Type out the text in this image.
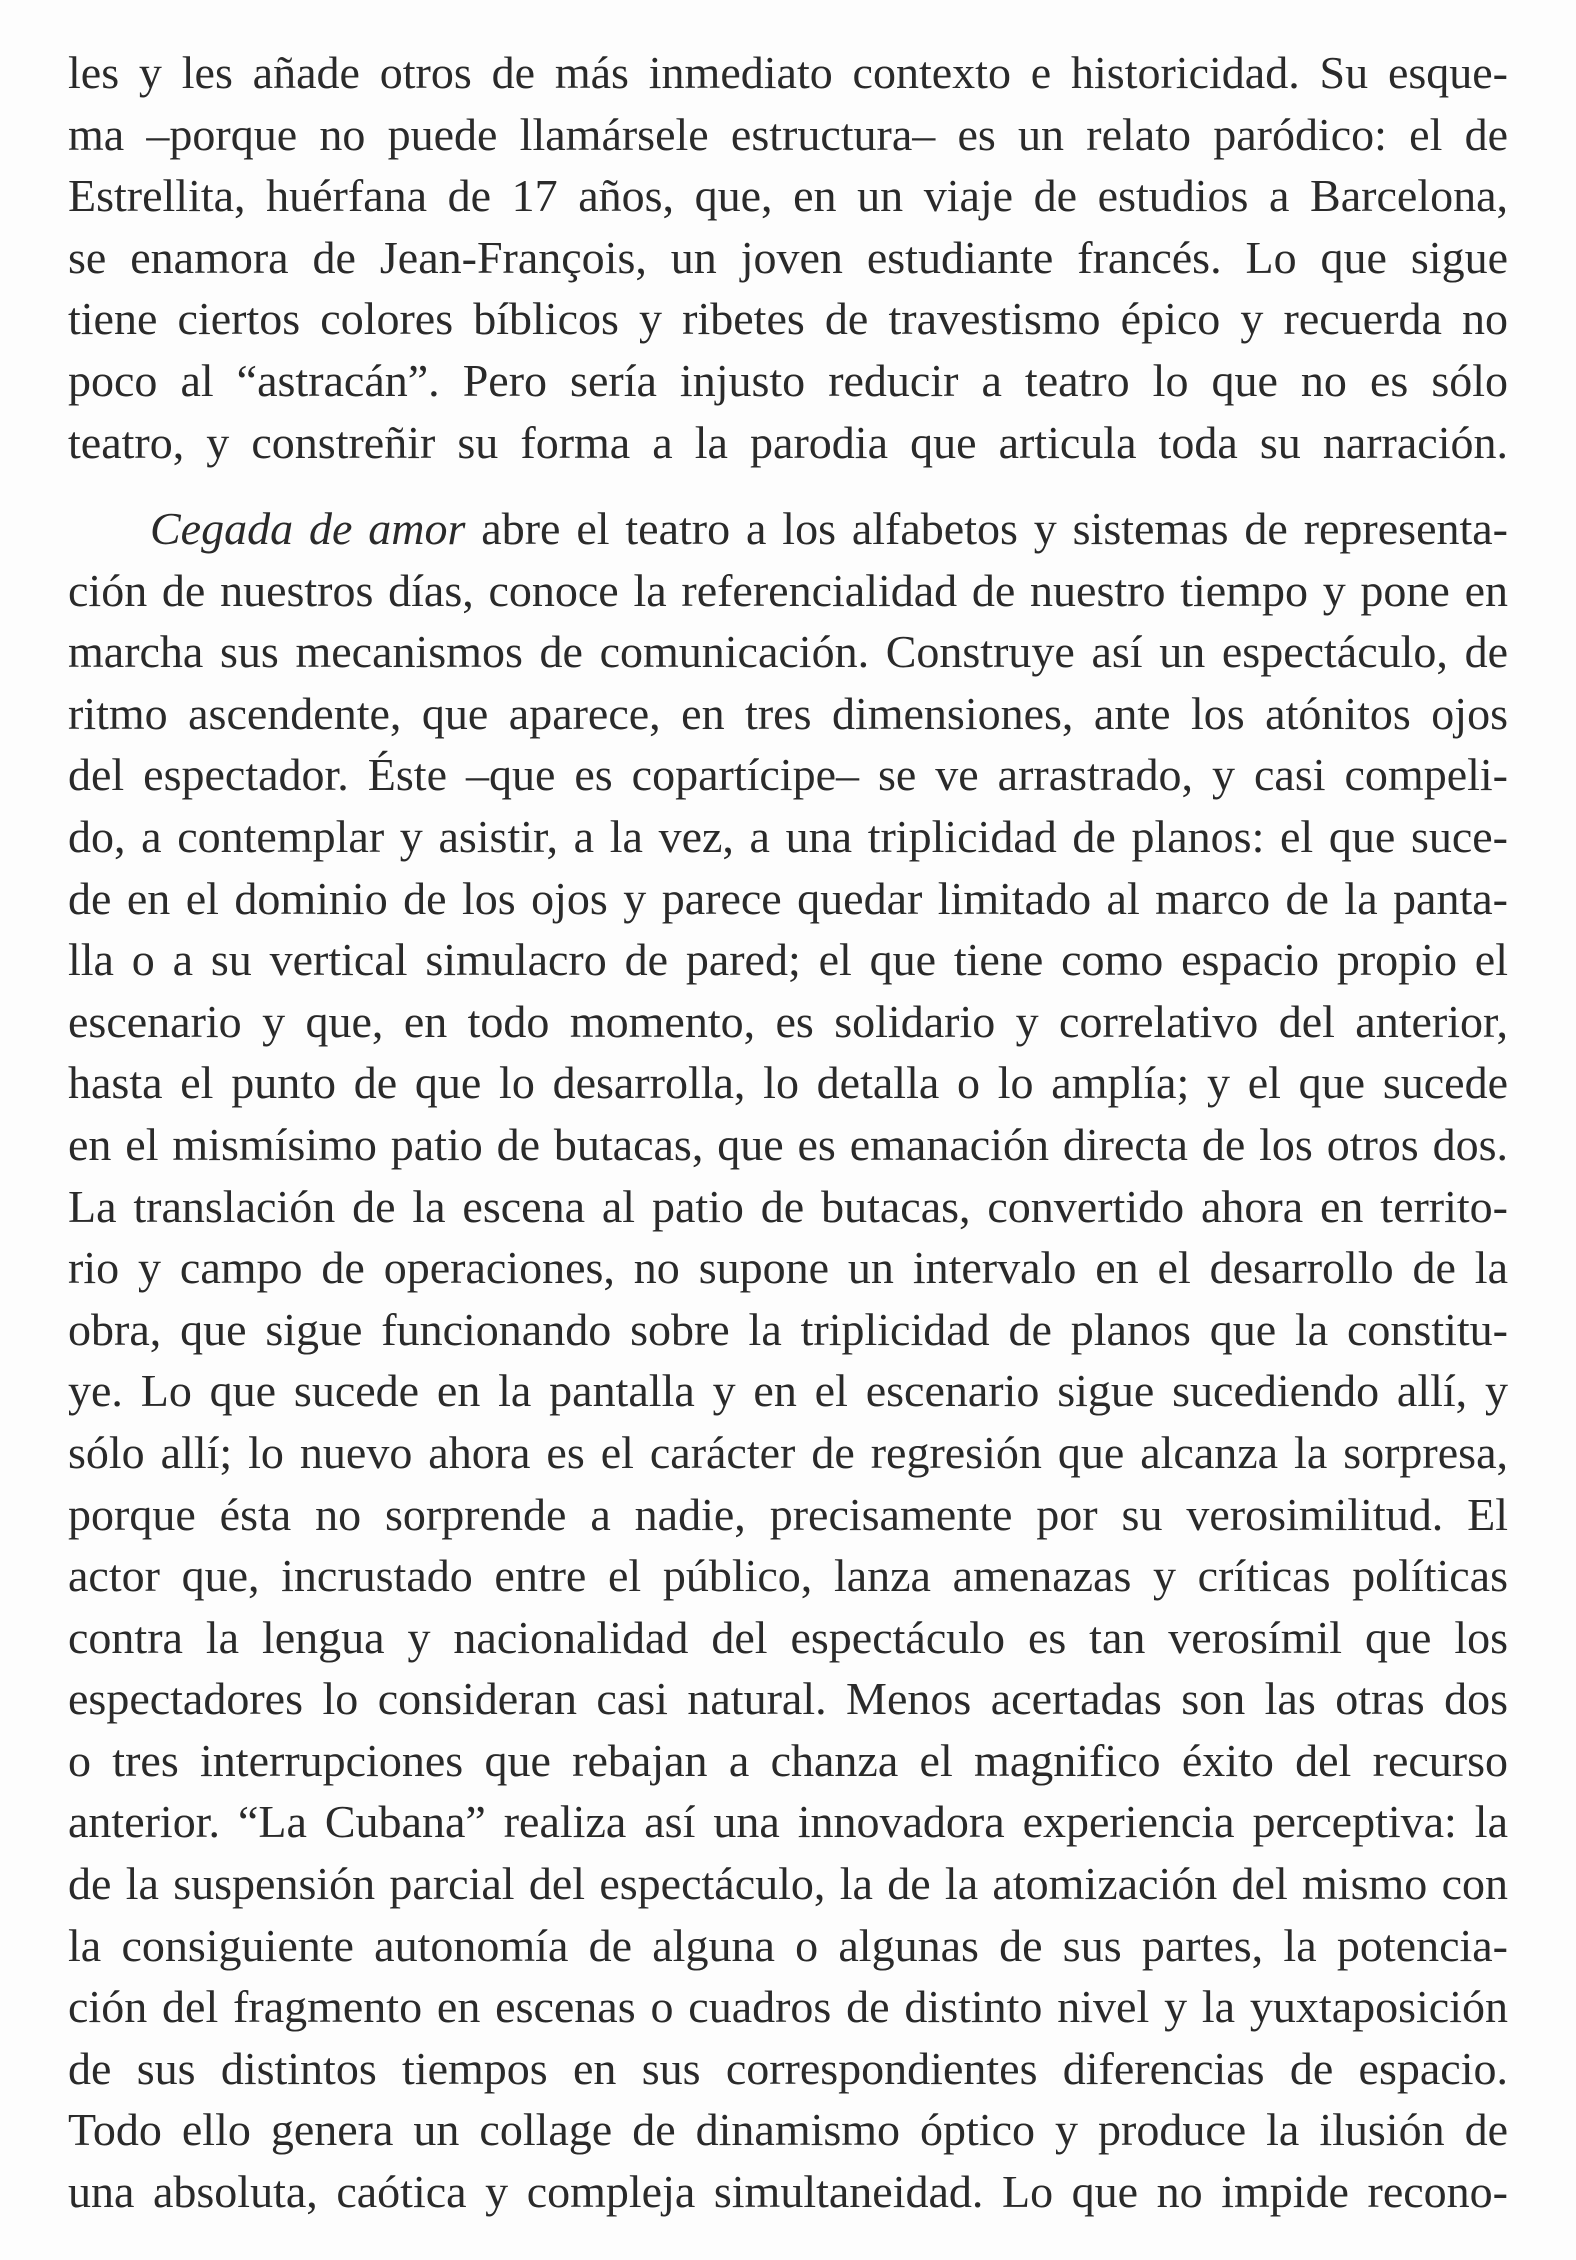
les y les añade otros de más inmediato contexto e historicidad. Su esque-
ma –porque no puede llamársele estructura– es un relato paródico: el de
Estrellita, huérfana de 17 años, que, en un viaje de estudios a Barcelona,
se enamora de Jean-François, un joven estudiante francés. Lo que sigue
tiene ciertos colores bíblicos y ribetes de travestismo épico y recuerda no
poco al “astracán”. Pero sería injusto reducir a teatro lo que no es sólo
teatro, y constreñir su forma a la parodia que articula toda su narración.
Cegada de amor abre el teatro a los alfabetos y sistemas de representa-
ción de nuestros días, conoce la referencialidad de nuestro tiempo y pone en
marcha sus mecanismos de comunicación. Construye así un espectáculo, de
ritmo ascendente, que aparece, en tres dimensiones, ante los atónitos ojos
del espectador. Éste –que es copartícipe– se ve arrastrado, y casi compeli-
do, a contemplar y asistir, a la vez, a una triplicidad de planos: el que suce-
de en el dominio de los ojos y parece quedar limitado al marco de la panta-
lla o a su vertical simulacro de pared; el que tiene como espacio propio el
escenario y que, en todo momento, es solidario y correlativo del anterior,
hasta el punto de que lo desarrolla, lo detalla o lo amplía; y el que sucede
en el mismísimo patio de butacas, que es emanación directa de los otros dos.
La translación de la escena al patio de butacas, convertido ahora en territo-
rio y campo de operaciones, no supone un intervalo en el desarrollo de la
obra, que sigue funcionando sobre la triplicidad de planos que la constitu-
ye. Lo que sucede en la pantalla y en el escenario sigue sucediendo allí, y
sólo allí; lo nuevo ahora es el carácter de regresión que alcanza la sorpresa,
porque ésta no sorprende a nadie, precisamente por su verosimilitud. El
actor que, incrustado entre el público, lanza amenazas y críticas políticas
contra la lengua y nacionalidad del espectáculo es tan verosímil que los
espectadores lo consideran casi natural. Menos acertadas son las otras dos
o tres interrupciones que rebajan a chanza el magnifico éxito del recurso
anterior. “La Cubana” realiza así una innovadora experiencia perceptiva: la
de la suspensión parcial del espectáculo, la de la atomización del mismo con
la consiguiente autonomía de alguna o algunas de sus partes, la potencia-
ción del fragmento en escenas o cuadros de distinto nivel y la yuxtaposición
de sus distintos tiempos en sus correspondientes diferencias de espacio.
Todo ello genera un collage de dinamismo óptico y produce la ilusión de
una absoluta, caótica y compleja simultaneidad. Lo que no impide recono-
